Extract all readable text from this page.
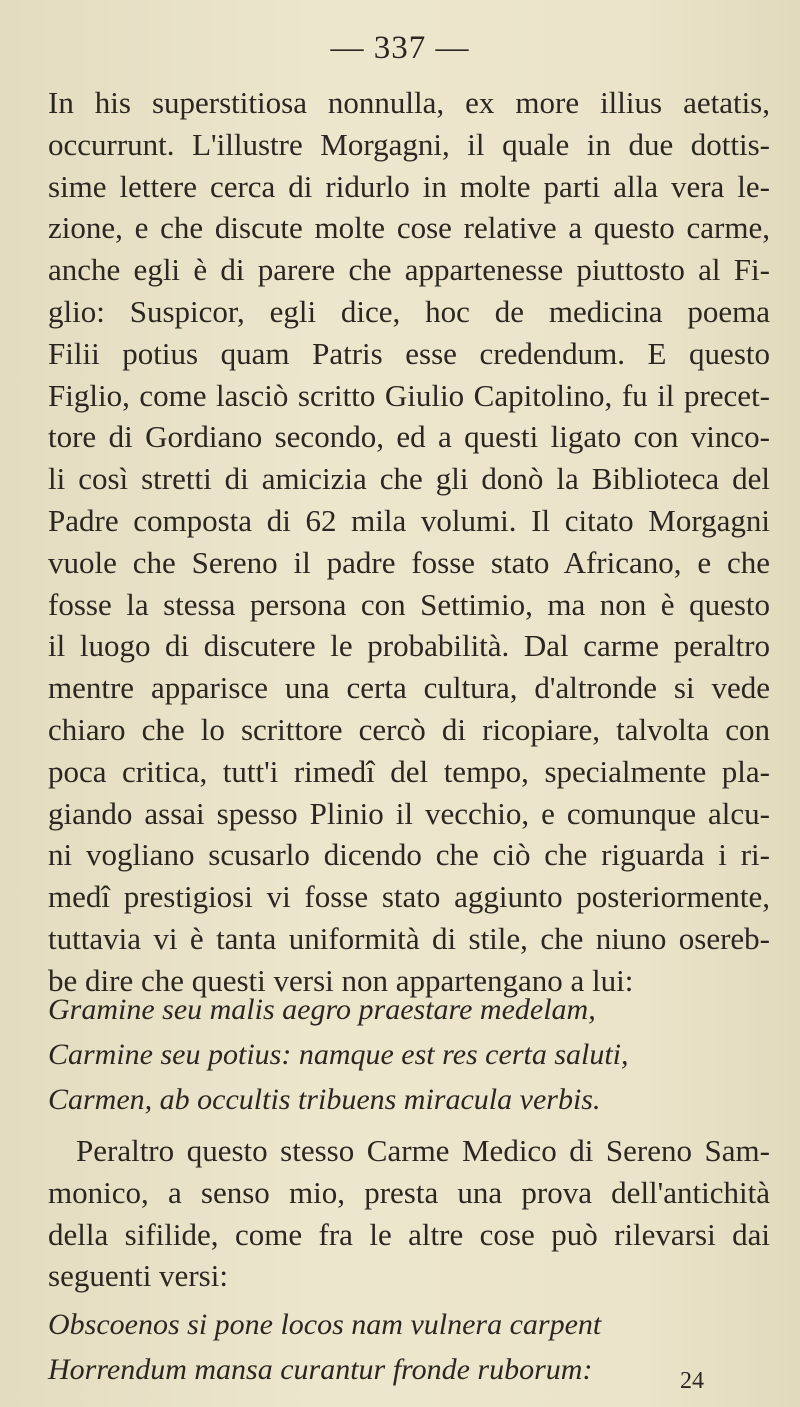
— 337 —
In his superstitiosa nonnulla, ex more illius aetatis,
occurrunt. L'illustre Morgagni, il quale in due dottis-
sime lettere cerca di ridurlo in molte parti alla vera le-
zione, e che discute molte cose relative a questo carme,
anche egli è di parere che appartenesse piuttosto al Fi-
glio: Suspicor, egli dice, hoc de medicina poema
Filii potius quam Patris esse credendum. E questo
Figlio, come lasciò scritto Giulio Capitolino, fu il precet-
tore di Gordiano secondo, ed a questi ligato con vinco-
li così stretti di amicizia che gli donò la Biblioteca del
Padre composta di 62 mila volumi. Il citato Morgagni
vuole che Sereno il padre fosse stato Africano, e che
fosse la stessa persona con Settimio, ma non è questo
il luogo di discutere le probabilità. Dal carme peraltro
mentre apparisce una certa cultura, d'altronde si vede
chiaro che lo scrittore cercò di ricopiare, talvolta con
poca critica, tutt'i rimedî del tempo, specialmente pla-
giando assai spesso Plinio il vecchio, e comunque alcu-
ni vogliano scusarlo dicendo che ciò che riguarda i ri-
medî prestigiosi vi fosse stato aggiunto posteriormente,
tuttavia vi è tanta uniformità di stile, che niuno osereb-
be dire che questi versi non appartengano a lui:
Gramine seu malis aegro praestare medelam,
Carmine seu potius: namque est res certa saluti,
Carmen, ab occultis tribuens miracula verbis.
Peraltro questo stesso Carme Medico di Sereno Sam-
monico, a senso mio, presta una prova dell'antichità
della sifilide, come fra le altre cose può rilevarsi dai
seguenti versi:
Obscoenos si pone locos nam vulnera carpent
Horrendum mansa curantur fronde ruborum:	24
